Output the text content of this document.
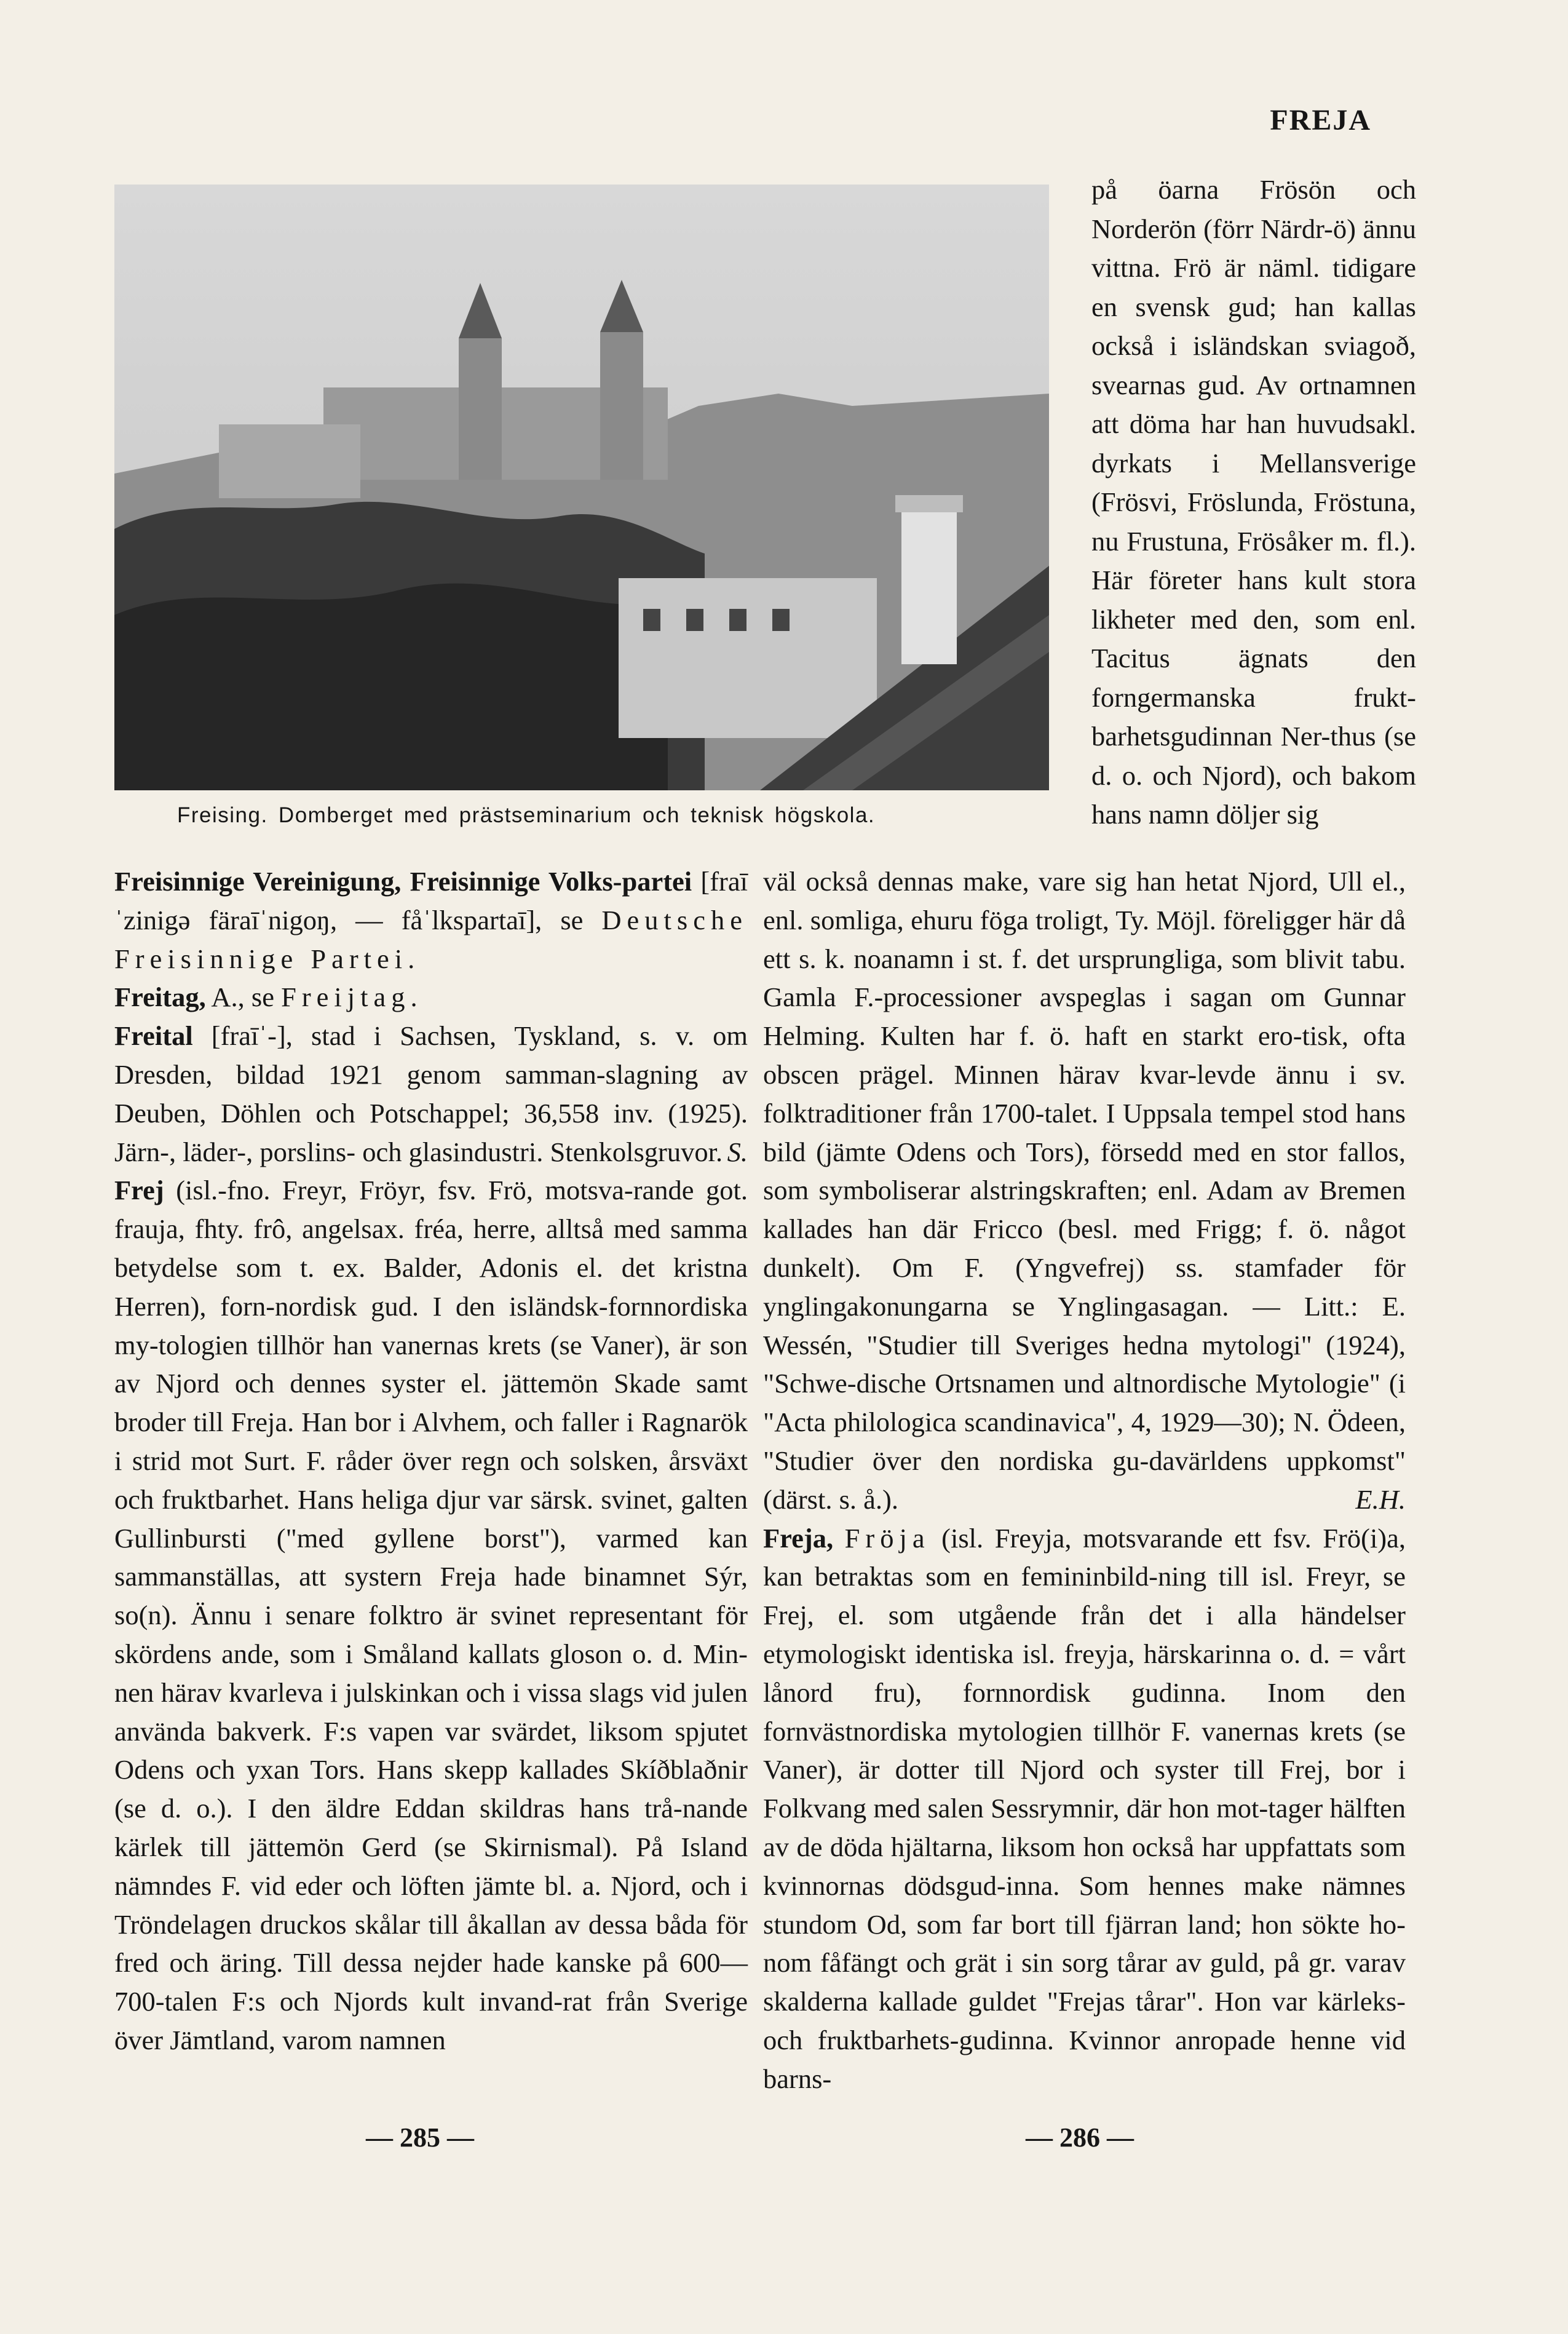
FREJA
Freising. Domberget med prästseminarium och teknisk högskola.
på öarna Frösön och Norderön (förr Närdr-ö) ännu vittna. Frö är näml. tidigare en svensk gud; han kallas också i isländskan sviagoð, svearnas gud. Av ortnamnen att döma har han huvudsakl. dyrkats i Mellansverige (Frösvi, Fröslunda, Fröstuna, nu Frustuna, Frösåker m. fl.). Här företer hans kult stora likheter med den, som enl. Tacitus ägnats den forngermanska frukt-barhetsgudinnan Ner-thus (se d. o. och Njord), och bakom hans namn döljer sig

Freisinnige Vereinigung, Freisinnige Volks-partei [fraīˈzinigə färaīˈnigoŋ, — fåˈlkspartaī], se Deutsche Freisinnige Partei.

Freitag, A., se Freijtag.

Freital [fraīˈ-], stad i Sachsen, Tyskland, s. v. om Dresden, bildad 1921 genom samman-slagning av Deuben, Döhlen och Potschappel; 36,558 inv. (1925). Järn-, läder-, porslins- och glasindustri. Stenkolsgruvor. S.

Frej (isl.-fno. Freyr, Fröyr, fsv. Frö, motsva-rande got. frauja, fhty. frô, angelsax. fréa, herre, alltså med samma betydelse som t. ex. Balder, Adonis el. det kristna Herren), forn-nordisk gud. I den isländsk-fornnordiska my-tologien tillhör han vanernas krets (se Vaner), är son av Njord och dennes syster el. jättemön Skade samt broder till Freja. Han bor i Alvhem, och faller i Ragnarök i strid mot Surt. F. råder över regn och solsken, årsväxt och fruktbarhet. Hans heliga djur var särsk. svinet, galten Gullinbursti ("med gyllene borst"), varmed kan sammanställas, att systern Freja hade binamnet Sýr, so(n). Ännu i senare folktro är svinet representant för skördens ande, som i Småland kallats gloson o. d. Min-nen härav kvarleva i julskinkan och i vissa slags vid julen använda bakverk. F:s vapen var svärdet, liksom spjutet Odens och yxan Tors. Hans skepp kallades Skíðblaðnir (se d. o.). I den äldre Eddan skildras hans trå-nande kärlek till jättemön Gerd (se Skirnismal). På Island nämndes F. vid eder och löften jämte bl. a. Njord, och i Tröndelagen druckos skålar till åkallan av dessa båda för fred och äring. Till dessa nejder hade kanske på 600—700-talen F:s och Njords kult invand-rat från Sverige över Jämtland, varom namnen

väl också dennas make, vare sig han hetat Njord, Ull el., enl. somliga, ehuru föga troligt, Ty. Möjl. föreligger här då ett s. k. noanamn i st. f. det ursprungliga, som blivit tabu. Gamla F.-processioner avspeglas i sagan om Gunnar Helming. Kulten har f. ö. haft en starkt ero-tisk, ofta obscen prägel. Minnen härav kvar-levde ännu i sv. folktraditioner från 1700-talet. I Uppsala tempel stod hans bild (jämte Odens och Tors), försedd med en stor fallos, som symboliserar alstringskraften; enl. Adam av Bremen kallades han där Fricco (besl. med Frigg; f. ö. något dunkelt). Om F. (Yngvefrej) ss. stamfader för ynglingakonungarna se Ynglingasagan. — Litt.: E. Wessén, "Studier till Sveriges hedna mytologi" (1924), "Schwe-dische Ortsnamen und altnordische Mytologie" (i "Acta philologica scandinavica", 4, 1929—30); N. Ödeen, "Studier över den nordiska gu-davärldens uppkomst" (därst. s. å.).	E.H.

Freja, Fröja (isl. Freyja, motsvarande ett fsv. Frö(i)a, kan betraktas som en femininbild-ning till isl. Freyr, se Frej, el. som utgående från det i alla händelser etymologiskt identiska isl. freyja, härskarinna o. d. = vårt lånord fru), fornnordisk gudinna. Inom den fornvästnordiska mytologien tillhör F. vanernas krets (se Vaner), är dotter till Njord och syster till Frej, bor i Folkvang med salen Sessrymnir, där hon mot-tager hälften av de döda hjältarna, liksom hon också har uppfattats som kvinnornas dödsgud-inna. Som hennes make nämnes stundom Od, som far bort till fjärran land; hon sökte ho-nom fåfängt och grät i sin sorg tårar av guld, på gr. varav skalderna kallade guldet "Frejas tårar". Hon var kärleks- och fruktbarhets-gudinna. Kvinnor anropade henne vid barns-

— 285 —	— 286 —
